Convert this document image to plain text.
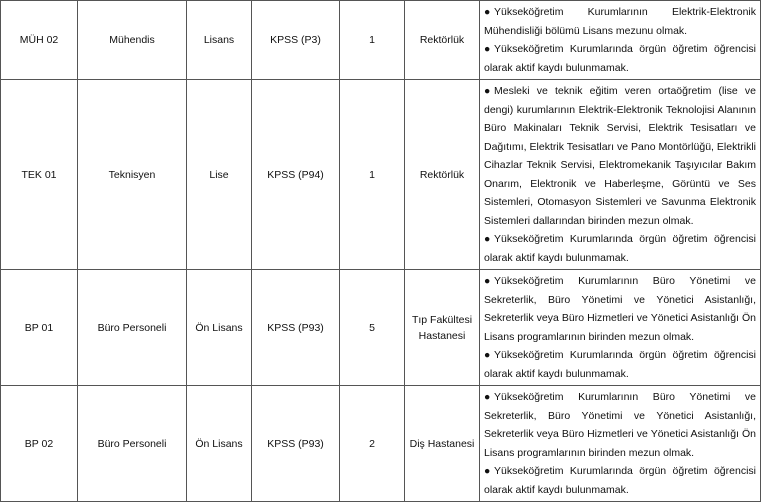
MÜH 02	Mühendis	Lisans	KPSS (P3)	1	Rektörlük	● Yükseköğretim Kurumlarının Elektrik-Elektronik Mühendisliği bölümü Lisans mezunu olmak.
● Yükseköğretim Kurumlarında örgün öğretim öğrencisi olarak aktif kaydı bulunmamak.

TEK 01	Teknisyen	Lise	KPSS (P94)	1	Rektörlük	● Mesleki ve teknik eğitim veren ortaöğretim (lise ve dengi) kurumlarının Elektrik-Elektronik Teknolojisi Alanının Büro Makinaları Teknik Servisi, Elektrik Tesisatları ve Dağıtımı, Elektrik Tesisatları ve Pano Montörlüğü, Elektrikli Cihazlar Teknik Servisi, Elektromekanik Taşıyıcılar Bakım Onarım, Elektronik ve Haberleşme, Görüntü ve Ses Sistemleri, Otomasyon Sistemleri ve Savunma Elektronik Sistemleri dallarından birinden mezun olmak.
● Yükseköğretim Kurumlarında örgün öğretim öğrencisi olarak aktif kaydı bulunmamak.

BP 01	Büro Personeli	Ön Lisans	KPSS (P93)	5	Tıp Fakültesi Hastanesi	● Yükseköğretim Kurumlarının Büro Yönetimi ve Sekreterlik, Büro Yönetimi ve Yönetici Asistanlığı, Sekreterlik veya Büro Hizmetleri ve Yönetici Asistanlığı Ön Lisans programlarının birinden mezun olmak.
● Yükseköğretim Kurumlarında örgün öğretim öğrencisi olarak aktif kaydı bulunmamak.

BP 02	Büro Personeli	Ön Lisans	KPSS (P93)	2	Diş Hastanesi	● Yükseköğretim Kurumlarının Büro Yönetimi ve Sekreterlik, Büro Yönetimi ve Yönetici Asistanlığı, Sekreterlik veya Büro Hizmetleri ve Yönetici Asistanlığı Ön Lisans programlarının birinden mezun olmak.
● Yükseköğretim Kurumlarında örgün öğretim öğrencisi olarak aktif kaydı bulunmamak.
